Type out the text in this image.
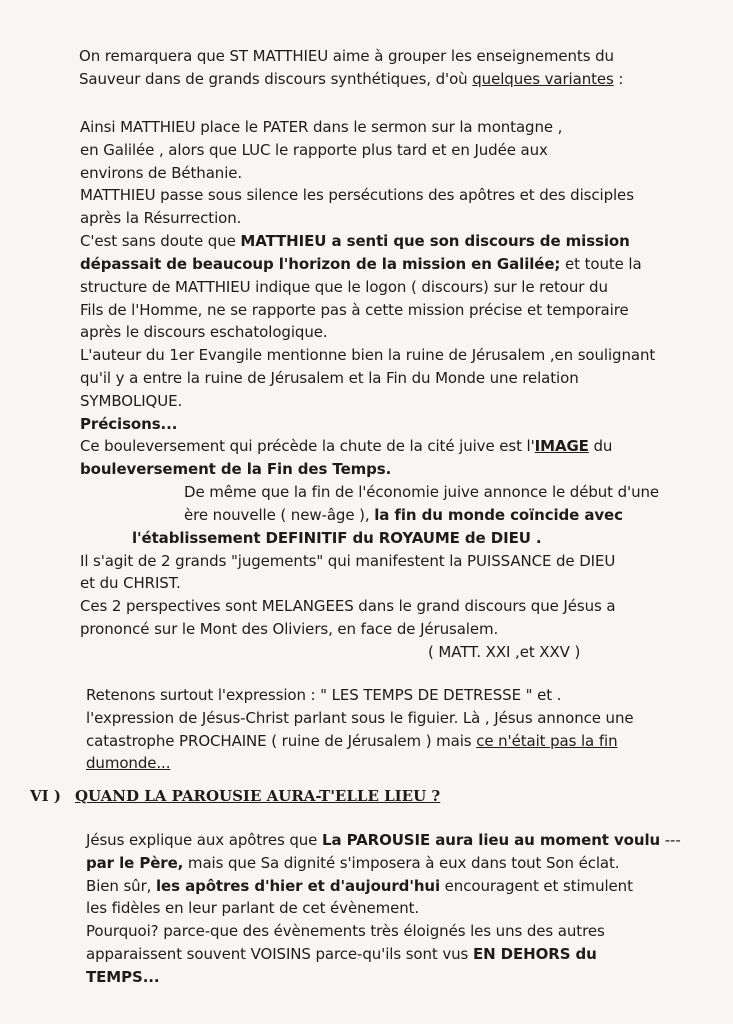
On remarquera que ST MATTHIEU aime à grouper les enseignements du
Sauveur dans de grands discours synthétiques, d'où quelques variantes :
Ainsi MATTHIEU place le PATER dans le sermon sur la montagne ,
en Galilée , alors que LUC le rapporte plus tard et en Judée aux
environs de Béthanie.
MATTHIEU passe sous silence les persécutions des apôtres et des disciples
après la Résurrection.
C'est sans doute que MATTHIEU a senti que son discours de mission
dépassait de beaucoup l'horizon de la mission en Galilée; et toute la
structure de MATTHIEU indique que le logon ( discours) sur le retour du
Fils de l'Homme, ne se rapporte pas à cette mission précise et temporaire
après le discours eschatologique.
L'auteur du 1er Evangile mentionne bien la ruine de Jérusalem ,en soulignant
qu'il y a entre la ruine de Jérusalem et la Fin du Monde une relation
SYMBOLIQUE.
Précisons...
Ce bouleversement qui précède la chute de la cité juive est l'IMAGE du
bouleversement de la Fin des Temps.
De même que la fin de l'économie juive annonce le début d'une
ère nouvelle ( new-âge ), la fin du monde coïncide avec
l'établissement DEFINITIF du ROYAUME de DIEU .
Il s'agit de 2 grands "jugements" qui manifestent la PUISSANCE de DIEU
et du CHRIST.
Ces 2 perspectives sont MELANGEES dans le grand discours que Jésus a
prononcé sur le Mont des Oliviers, en face de Jérusalem.
( MATT. XXI ,et XXV )
Retenons surtout l'expression : " LES TEMPS DE DETRESSE " et .
l'expression de Jésus-Christ parlant sous le figuier. Là , Jésus annonce une
catastrophe PROCHAINE ( ruine de Jérusalem ) mais ce n'était pas la fin
dumonde...
VI ) QUAND LA PAROUSIE AURA-T'ELLE LIEU ?
Jésus explique aux apôtres que La PAROUSIE aura lieu au moment voulu ---
par le Père, mais que Sa dignité s'imposera à eux dans tout Son éclat.
Bien sûr, les apôtres d'hier et d'aujourd'hui encouragent et stimulent
les fidèles en leur parlant de cet évènement.
Pourquoi? parce-que des évènements très éloignés les uns des autres
apparaissent souvent VOISINS parce-qu'ils sont vus EN DEHORS du
TEMPS...
